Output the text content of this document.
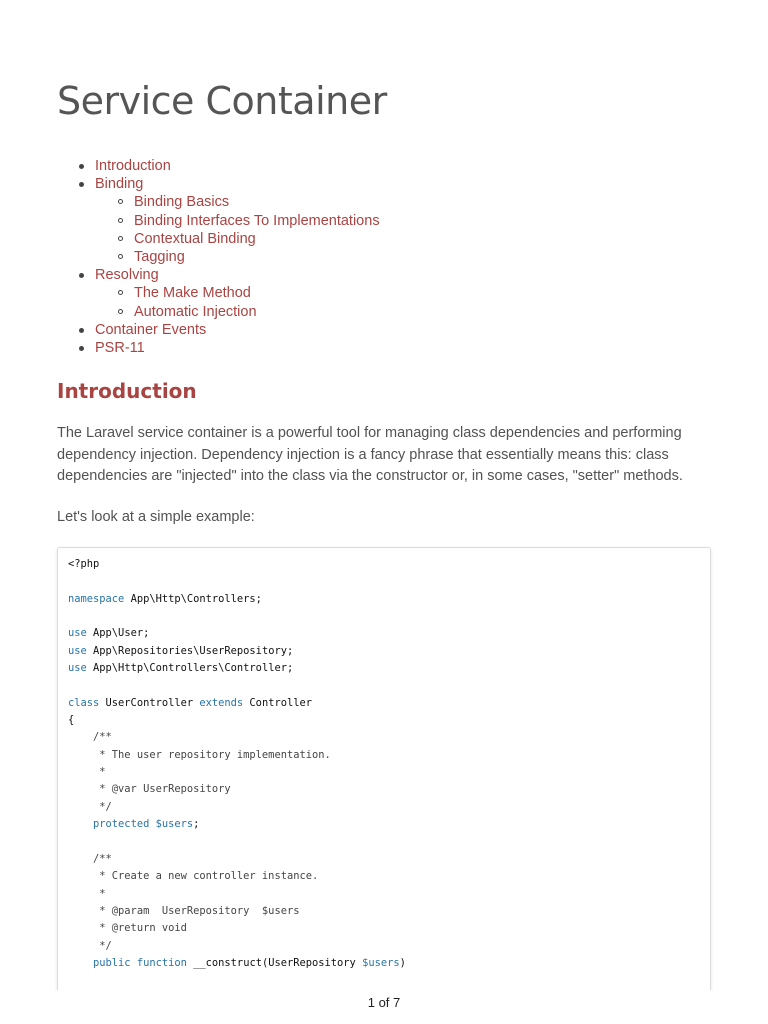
Service Container
Introduction
Binding
Binding Basics
Binding Interfaces To Implementations
Contextual Binding
Tagging
Resolving
The Make Method
Automatic Injection
Container Events
PSR-11
Introduction

The Laravel service container is a powerful tool for managing class dependencies and performing dependency injection. Dependency injection is a fancy phrase that essentially means this: class dependencies are "injected" into the class via the constructor or, in some cases, "setter" methods.

Let's look at a simple example:

<?php

namespace App\Http\Controllers;

use App\User;
use App\Repositories\UserRepository;
use App\Http\Controllers\Controller;

class UserController extends Controller
{
/**
* The user repository implementation.
*
* @var UserRepository
*/
protected $users;

/**
* Create a new controller instance.
*
* @param  UserRepository  $users
* @return void
*/
public function __construct(UserRepository $users)
1 of 7
